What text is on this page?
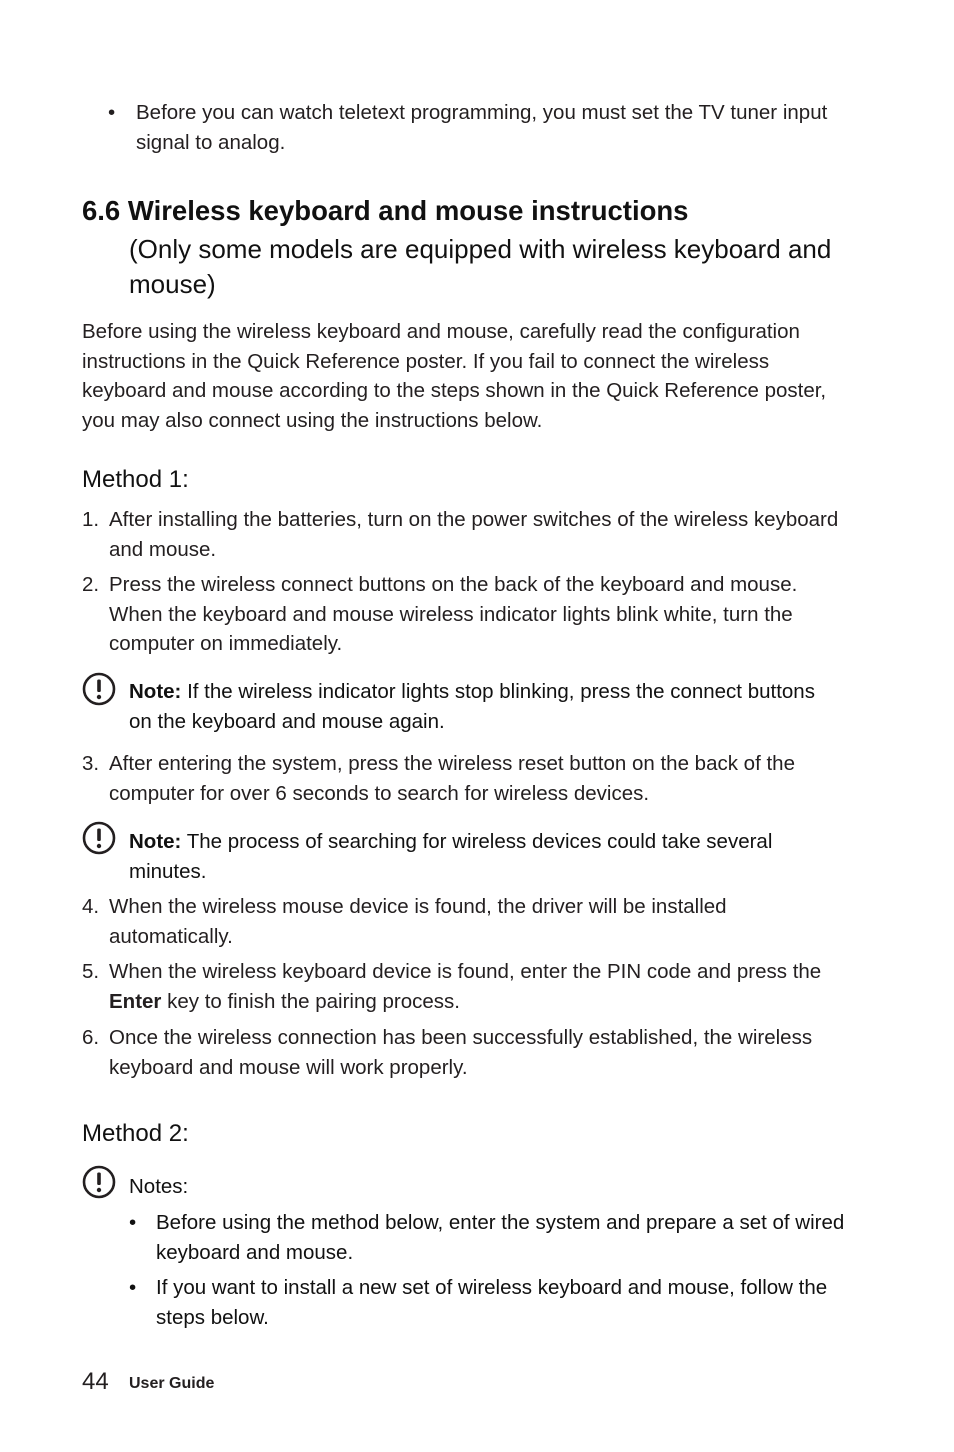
•	Before you can watch teletext programming, you must set the TV tuner input signal to analog.
6.6 Wireless keyboard and mouse instructions
(Only some models are equipped with wireless keyboard and mouse)
Before using the wireless keyboard and mouse, carefully read the configuration instructions in the Quick Reference poster. If you fail to connect the wireless keyboard and mouse according to the steps shown in the Quick Reference poster, you may also connect using the instructions below.
Method 1:
1. After installing the batteries, turn on the power switches of the wireless keyboard and mouse.
2. Press the wireless connect buttons on the back of the keyboard and mouse. When the keyboard and mouse wireless indicator lights blink white, turn the computer on immediately.
Note: If the wireless indicator lights stop blinking, press the connect buttons on the keyboard and mouse again.
3. After entering the system, press the wireless reset button on the back of the computer for over 6 seconds to search for wireless devices.
Note: The process of searching for wireless devices could take several minutes.
4. When the wireless mouse device is found, the driver will be installed automatically.
5. When the wireless keyboard device is found, enter the PIN code and press the Enter key to finish the pairing process.
6. Once the wireless connection has been successfully established, the wireless keyboard and mouse will work properly.
Method 2:
Notes:
• Before using the method below, enter the system and prepare a set of wired keyboard and mouse.
• If you want to install a new set of wireless keyboard and mouse, follow the steps below.
44 User Guide
